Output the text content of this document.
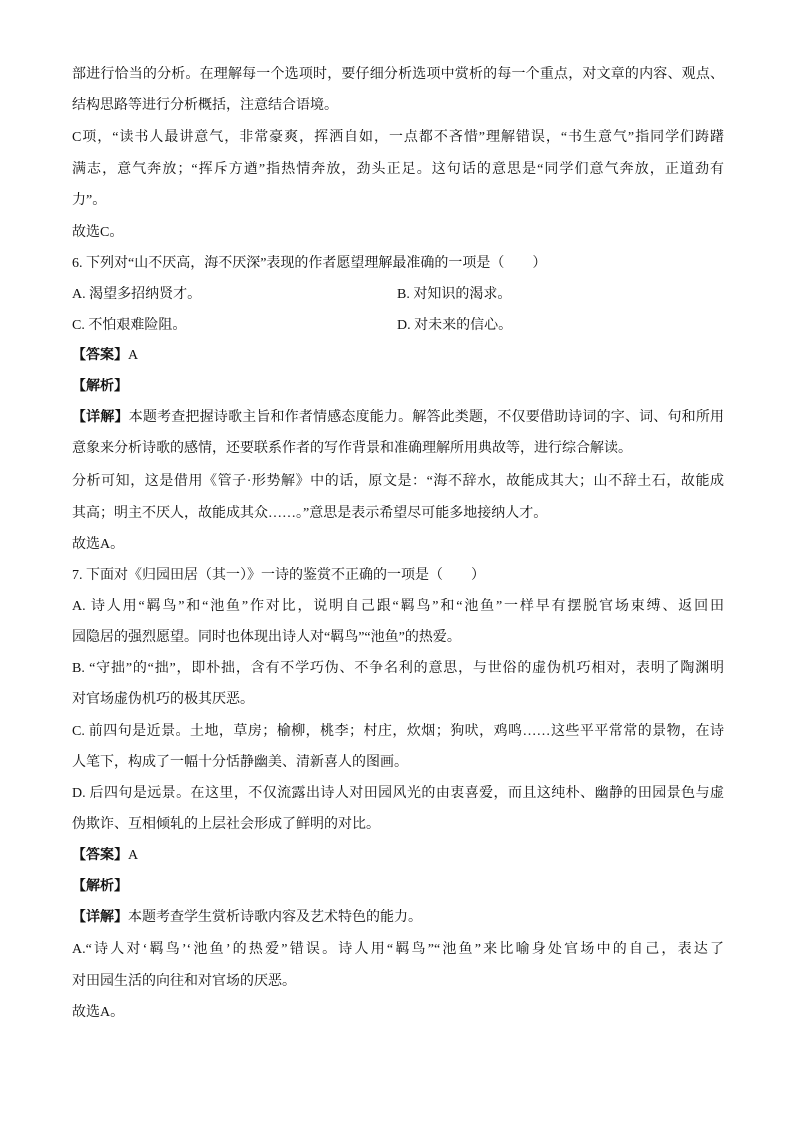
部进行恰当的分析。在理解每一个选项时，要仔细分析选项中赏析的每一个重点，对文章的内容、观点、
结构思路等进行分析概括，注意结合语境。
C项，“读书人最讲意气，非常豪爽，挥洒自如，一点都不吝惜”理解错误，“书生意气”指同学们踌躇
满志，意气奔放；“挥斥方遒”指热情奔放，劲头正足。这句话的意思是“同学们意气奔放，正道劲有
力”。
故选C。
6. 下列对“山不厌高，海不厌深”表现的作者愿望理解最准确的一项是（　　）
A. 渴望多招纳贤才。	B. 对知识的渴求。
C. 不怕艰难险阻。	D. 对未来的信心。
【答案】A
【解析】
【详解】本题考查把握诗歌主旨和作者情感态度能力。解答此类题，不仅要借助诗词的字、词、句和所用
意象来分析诗歌的感情，还要联系作者的写作背景和准确理解所用典故等，进行综合解读。
分析可知，这是借用《管子·形势解》中的话，原文是：“海不辞水，故能成其大；山不辞土石，故能成
其高；明主不厌人，故能成其众……。”意思是表示希望尽可能多地接纳人才。
故选A。
7. 下面对《归园田居（其一）》一诗的鉴赏不正确的一项是（　　）
A. 诗人用“羁鸟”和“池鱼”作对比，说明自己跟“羁鸟”和“池鱼”一样早有摆脱官场束缚、返回田
园隐居的强烈愿望。同时也体现出诗人对“羁鸟”“池鱼”的热爱。
B. “守拙”的“拙”，即朴拙，含有不学巧伪、不争名利的意思，与世俗的虚伪机巧相对，表明了陶渊明
对官场虚伪机巧的极其厌恶。
C. 前四句是近景。土地，草房；榆柳，桃李；村庄，炊烟；狗吠，鸡鸣……这些平平常常的景物，在诗
人笔下，构成了一幅十分恬静幽美、清新喜人的图画。
D. 后四句是远景。在这里，不仅流露出诗人对田园风光的由衷喜爱，而且这纯朴、幽静的田园景色与虚
伪欺诈、互相倾轧的上层社会形成了鲜明的对比。
【答案】A
【解析】
【详解】本题考查学生赏析诗歌内容及艺术特色的能力。
A.“诗人对‘羁鸟’‘池鱼’的热爱”错误。诗人用“羁鸟”“池鱼”来比喻身处官场中的自己，表达了
对田园生活的向往和对官场的厌恶。
故选A。
